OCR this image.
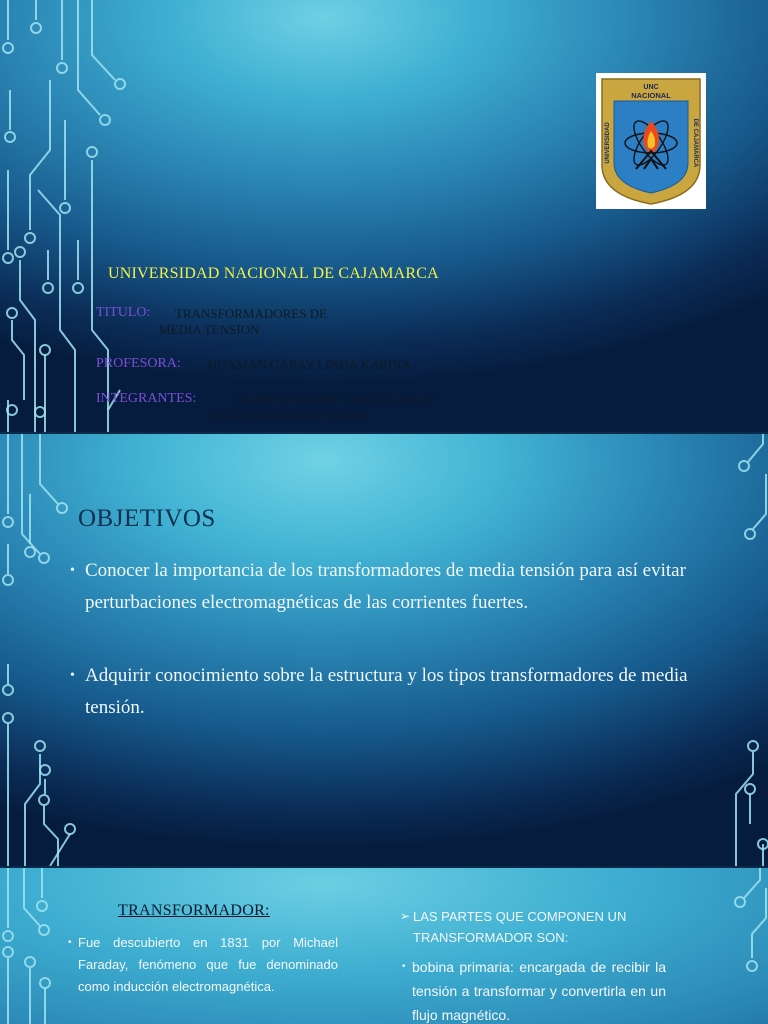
UNC
NACIONAL
UNIVERSIDAD	DE CAJAMARCA
UNIVERSIDAD NACIONAL DE CAJAMARCA
TITULO: TRANSFORMADORES DE
MEDIA TENSION
PROFESORA: HUAMÁN GARAY LINDA KARINA
INTEGRANTES:	CARRIÓN POMPA VIOLETA DALIS
CELIZ HERNÁNDEZ DANIA
OBJETIVOS
• Conocer la importancia de los transformadores de media tensión para así evitar perturbaciones electromagnéticas de las corrientes fuertes.
• Adquirir conocimiento sobre la estructura y los tipos transformadores de media tensión.
TRANSFORMADOR:
• Fue descubierto en 1831 por Michael Faraday, fenómeno que fue denominado como inducción electromagnética.
➢ LAS PARTES QUE COMPONEN UN TRANSFORMADOR SON:
• bobina primaria: encargada de recibir la tensión a transformar y convertirla en un flujo magnético.
